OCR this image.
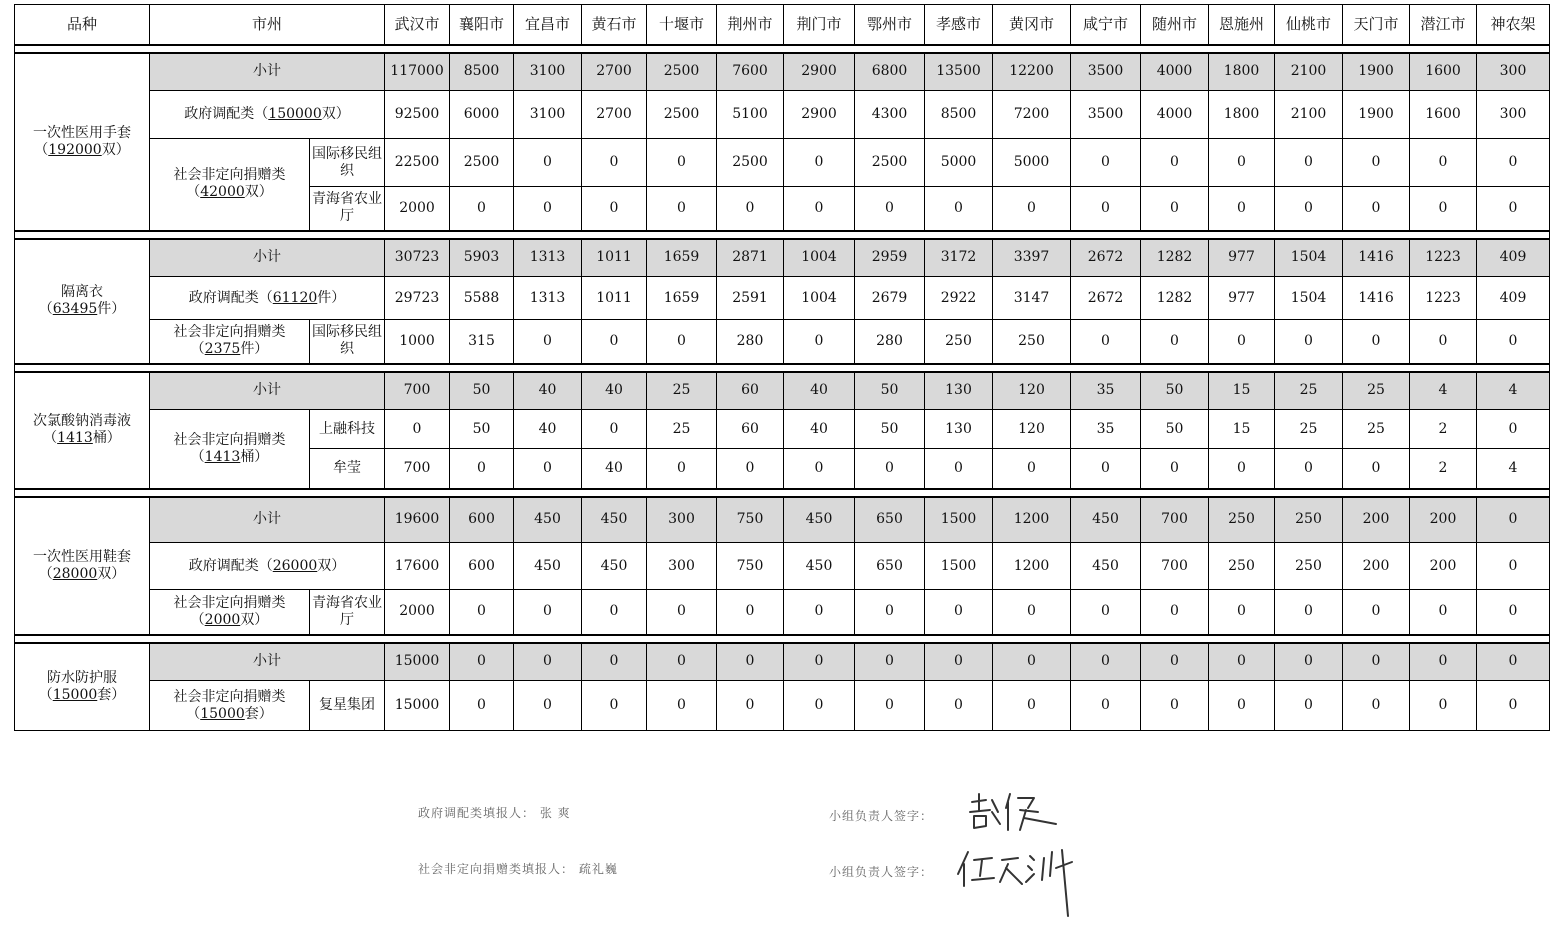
品种	市州		武汉市	襄阳市	宜昌市	黄石市	十堰市	荆州市	荆门市	鄂州市	孝感市	黄冈市	咸宁市	随州市	恩施州	仙桃市	天门市	潜江市	神农架

一次性医用手套
（192000双）	小计		117000	8500	3100	2700	2500	7600	2900	6800	13500	12200	3500	4000	1800	2100	1900	1600	300
	政府调配类（150000双）		92500	6000	3100	2700	2500	5100	2900	4300	8500	7200	3500	4000	1800	2100	1900	1600	300
	社会非定向捐赠类
（42000双）	国际移民组织	22500	2500	0	0	0	2500	0	2500	5000	5000	0	0	0	0	0	0	0
		青海省农业厅	2000	0	0	0	0	0	0	0	0	0	0	0	0	0	0	0	0

隔离衣
（63495件）	小计		30723	5903	1313	1011	1659	2871	1004	2959	3172	3397	2672	1282	977	1504	1416	1223	409
	政府调配类（61120件）		29723	5588	1313	1011	1659	2591	1004	2679	2922	3147	2672	1282	977	1504	1416	1223	409
	社会非定向捐赠类
（2375件）	国际移民组织	1000	315	0	0	0	280	0	280	250	250	0	0	0	0	0	0	0

次氯酸钠消毒液
（1413桶）	小计		700	50	40	40	25	60	40	50	130	120	35	50	15	25	25	4	4
	社会非定向捐赠类
（1413桶）	上融科技	0	50	40	0	25	60	40	50	130	120	35	50	15	25	25	2	0
		牟莹	700	0	0	40	0	0	0	0	0	0	0	0	0	0	0	2	4

一次性医用鞋套
（28000双）	小计		19600	600	450	450	300	750	450	650	1500	1200	450	700	250	250	200	200	0
	政府调配类（26000双）		17600	600	450	450	300	750	450	650	1500	1200	450	700	250	250	200	200	0
	社会非定向捐赠类
（2000双）	青海省农业厅	2000	0	0	0	0	0	0	0	0	0	0	0	0	0	0	0	0

防水防护服
（15000套）	小计		15000	0	0	0	0	0	0	0	0	0	0	0	0	0	0	0	0
	社会非定向捐赠类
（15000套）	复星集团	15000	0	0	0	0	0	0	0	0	0	0	0	0	0	0	0	0
政府调配类填报人： 张 爽
社会非定向捐赠类填报人： 疏礼巍
小组负责人签字：
小组负责人签字：
